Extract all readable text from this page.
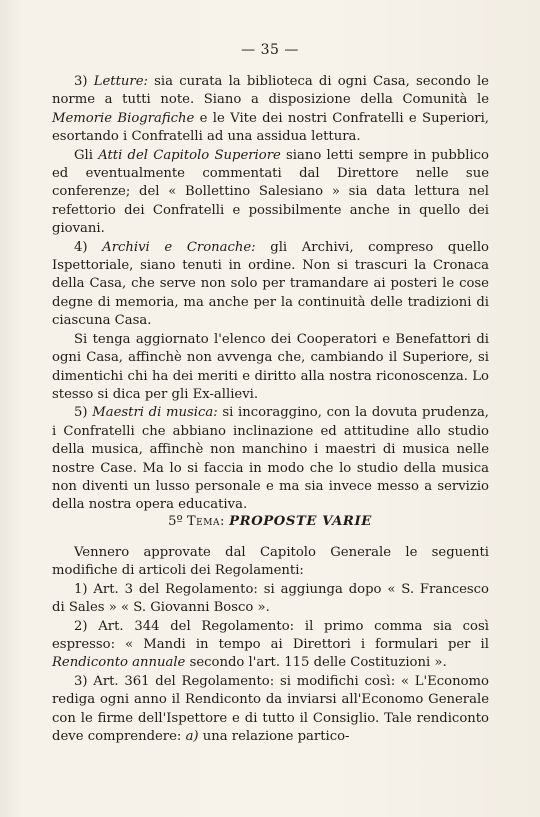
— 35 —

3) Letture: sia curata la biblioteca di ogni Casa, secondo le norme a tutti note. Siano a disposizione della Comunità le Memorie Biografiche e le Vite dei nostri Confratelli e Superiori, esortando i Confratelli ad una assidua lettura.

Gli Atti del Capitolo Superiore siano letti sempre in pubblico ed eventualmente commentati dal Direttore nelle sue conferenze; del « Bollettino Salesiano » sia data lettura nel refettorio dei Confratelli e possibilmente anche in quello dei giovani.

4) Archivi e Cronache: gli Archivi, compreso quello Ispettoriale, siano tenuti in ordine. Non si trascuri la Cronaca della Casa, che serve non solo per tramandare ai posteri le cose degne di memoria, ma anche per la continuità delle tradizioni di ciascuna Casa.

Si tenga aggiornato l'elenco dei Cooperatori e Benefattori di ogni Casa, affinchè non avvenga che, cambiando il Superiore, si dimentichi chi ha dei meriti e diritto alla nostra riconoscenza. Lo stesso si dica per gli Ex-allievi.

5) Maestri di musica: si incoraggino, con la dovuta prudenza, i Confratelli che abbiano inclinazione ed attitudine allo studio della musica, affinchè non manchino i maestri di musica nelle nostre Case. Ma lo si faccia in modo che lo studio della musica non diventi un lusso personale e ma sia invece messo a servizio della nostra opera educativa.

5º Tema: PROPOSTE VARIE

Vennero approvate dal Capitolo Generale le seguenti modifiche di articoli dei Regolamenti:

1) Art. 3 del Regolamento: si aggiunga dopo « S. Francesco di Sales » « S. Giovanni Bosco ».

2) Art. 344 del Regolamento: il primo comma sia così espresso: « Mandi in tempo ai Direttori i formulari per il Rendiconto annuale secondo l'art. 115 delle Costituzioni ».

3) Art. 361 del Regolamento: si modifichi così: « L'Economo rediga ogni anno il Rendiconto da inviarsi all'Economo Generale con le firme dell'Ispettore e di tutto il Consiglio. Tale rendiconto deve comprendere: a) una relazione partico-
